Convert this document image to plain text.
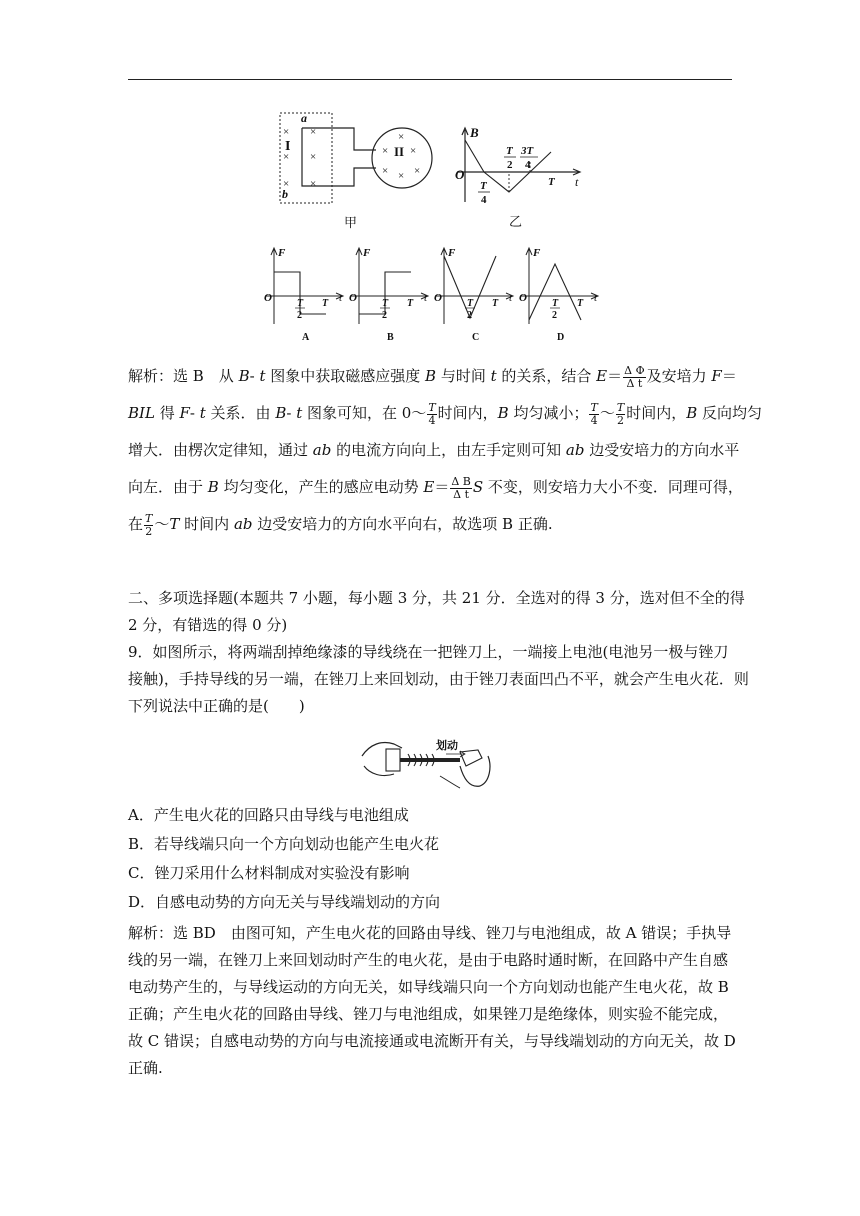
×
×
×
×
×
×
I
a
b
×
× ×
×
× ×
II
甲
B
O	t
T
4
T
2
3T
4
T
乙
F
O	t
T
2
T
A
F
O	t
T
2
T
B
F
O	t
T
2
T
C
F
O	t
T
2
T
D
解析：选 B　从 B- t 图象中获取磁感应强度 B 与时间 t 的关系，结合 $E= \frac{\text{Δ Φ}}{\text{Δ t}}$ 及安培力 F＝
BIL 得 F- t 关系．由 B- t 图象可知，在 0～ $\frac{T}{4}$ 时间内，B 均匀减小； $\frac{T}{4}$ ～ $\frac{T}{2}$ 时间内，B 反向均匀
增大．由楞次定律知，通过 ab 的电流方向向上，由左手定则可知 ab 边受安培力的方向水平
向左．由于 B 均匀变化，产生的感应电动势 $E= \frac{\text{Δ B}}{\text{Δ t}}$ S 不变，则安培力大小不变．同理可得，
在 $\frac{T}{2}$ ～T 时间内 ab 边受安培力的方向水平向右，故选项 B 正确.
二、多项选择题(本题共 7 小题，每小题 3 分，共 21 分．全选对的得 3 分，选对但不全的得
2 分，有错选的得 0 分)
9．如图所示，将两端刮掉绝缘漆的导线绕在一把锉刀上，一端接上电池(电池另一极与锉刀
接触)，手持导线的另一端，在锉刀上来回划动，由于锉刀表面凹凸不平，就会产生电火花．则
下列说法中正确的是(　　)
划动
A．产生电火花的回路只由导线与电池组成
B．若导线端只向一个方向划动也能产生电火花
C．锉刀采用什么材料制成对实验没有影响
D．自感电动势的方向无关与导线端划动的方向
解析：选 BD　由图可知，产生电火花的回路由导线、锉刀与电池组成，故 A 错误；手执导
线的另一端，在锉刀上来回划动时产生的电火花，是由于电路时通时断，在回路中产生自感
电动势产生的，与导线运动的方向无关，如导线端只向一个方向划动也能产生电火花，故 B
正确；产生电火花的回路由导线、锉刀与电池组成，如果锉刀是绝缘体，则实验不能完成，
故 C 错误；自感电动势的方向与电流接通或电流断开有关，与导线端划动的方向无关，故 D
正确.
